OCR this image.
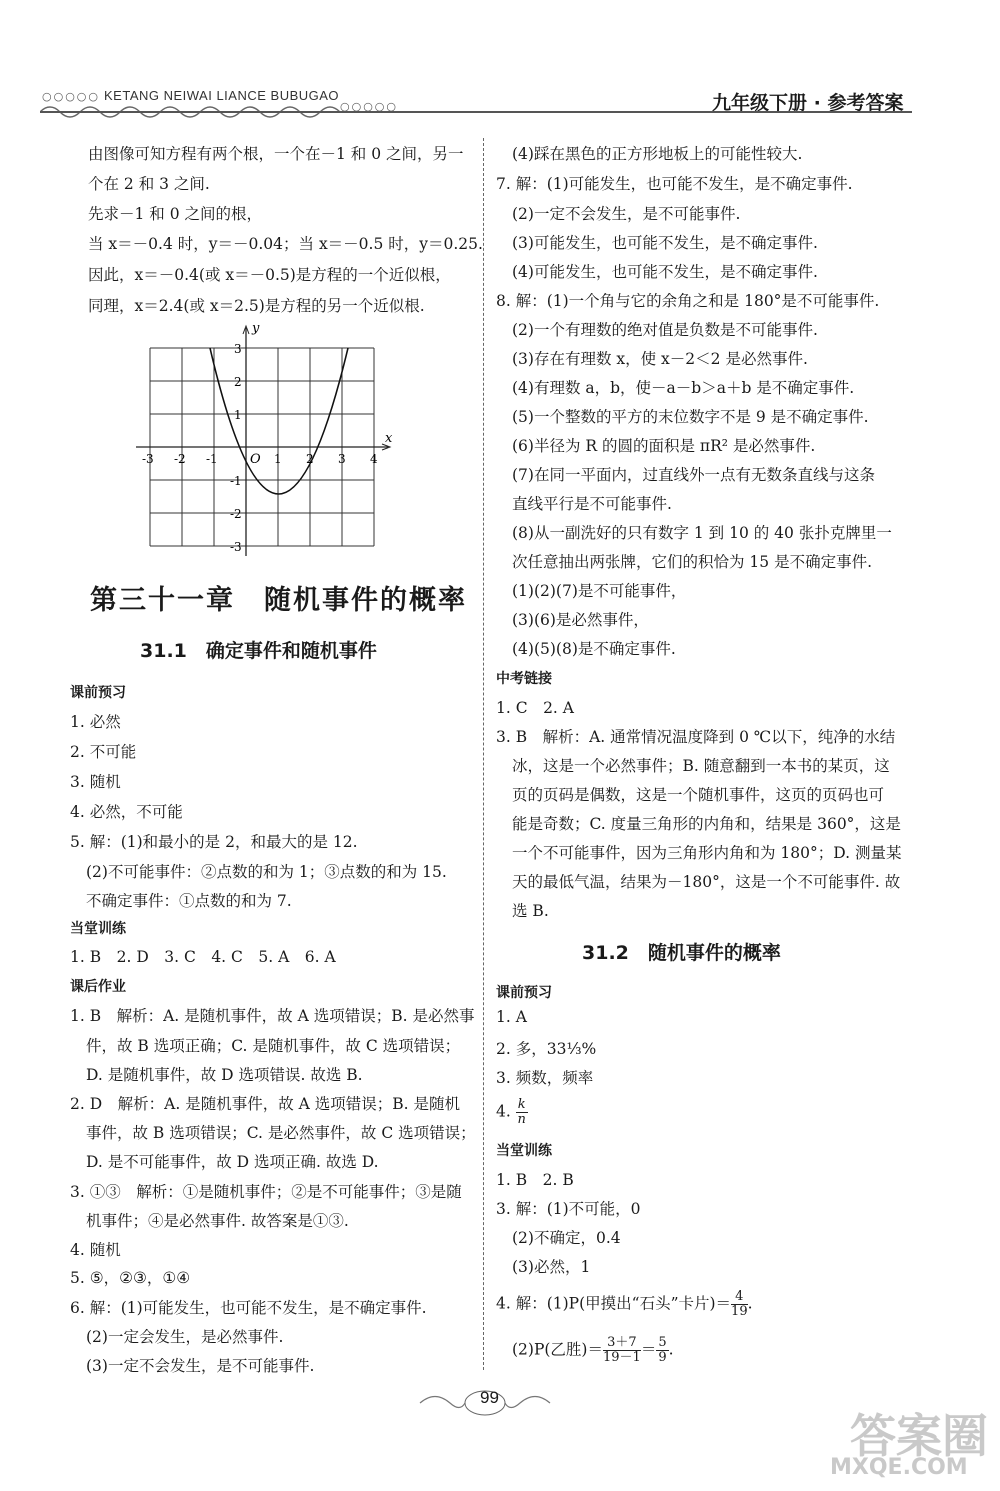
○○○○○ KETANG NEIWAI LIANCE BUBUGAO
○○○○○	九年级下册 · 参考答案
由图像可知方程有两个根，一个在－1 和 0 之间，另一
个在 2 和 3 之间.
先求－1 和 0 之间的根，
当 x＝－0.4 时，y＝－0.04；当 x＝－0.5 时，y＝0.25.
因此，x＝－0.4(或 x＝－0.5)是方程的一个近似根，
同理，x＝2.4(或 x＝2.5)是方程的另一个近似根.
x
y
O
-3 -2 -1	1 2 3 4
3
2
1
-1
-2
-3
第三十一章　随机事件的概率
31.1　确定事件和随机事件
课前预习
1. 必然
2. 不可能
3. 随机
4. 必然，不可能
5. 解：(1)和最小的是 2，和最大的是 12.
(2)不可能事件：②点数的和为 1；③点数的和为 15.
不确定事件：①点数的和为 7.
当堂训练
1. B　2. D　3. C　4. C　5. A　6. A
课后作业
1. B　解析：A. 是随机事件，故 A 选项错误；B. 是必然事
件，故 B 选项正确；C. 是随机事件，故 C 选项错误；
D. 是随机事件，故 D 选项错误. 故选 B.
2. D　解析：A. 是随机事件，故 A 选项错误；B. 是随机
事件，故 B 选项错误；C. 是必然事件，故 C 选项错误；
D. 是不可能事件，故 D 选项正确. 故选 D.
3. ①③　解析：①是随机事件；②是不可能事件；③是随
机事件；④是必然事件. 故答案是①③.
4. 随机
5. ⑤，②③，①④
6. 解：(1)可能发生，也可能不发生，是不确定事件.
(2)一定会发生，是必然事件.
(3)一定不会发生，是不可能事件.
(4)踩在黑色的正方形地板上的可能性较大.
7. 解：(1)可能发生，也可能不发生，是不确定事件.
(2)一定不会发生，是不可能事件.
(3)可能发生，也可能不发生，是不确定事件.
(4)可能发生，也可能不发生，是不确定事件.
8. 解：(1)一个角与它的余角之和是 180°是不可能事件.
(2)一个有理数的绝对值是负数是不可能事件.
(3)存在有理数 x，使 x－2＜2 是必然事件.
(4)有理数 a，b，使－a－b＞a＋b 是不确定事件.
(5)一个整数的平方的末位数字不是 9 是不确定事件.
(6)半径为 R 的圆的面积是 πR² 是必然事件.
(7)在同一平面内，过直线外一点有无数条直线与这条
直线平行是不可能事件.
(8)从一副洗好的只有数字 1 到 10 的 40 张扑克牌里一
次任意抽出两张牌，它们的积恰为 15 是不确定事件.
(1)(2)(7)是不可能事件，
(3)(6)是必然事件，
(4)(5)(8)是不确定事件.
中考链接
1. C　2. A
3. B　解析：A. 通常情况温度降到 0 ℃以下，纯净的水结
冰，这是一个必然事件；B. 随意翻到一本书的某页，这
页的页码是偶数，这是一个随机事件，这页的页码也可
能是奇数；C. 度量三角形的内角和，结果是 360°，这是
一个不可能事件，因为三角形内角和为 180°；D. 测量某
天的最低气温，结果为－180°，这是一个不可能事件. 故
选 B.
31.2　随机事件的概率
课前预习
1. A
2. 多，33⅓%
3. 频数，频率
4. $\frac{k}{n}$
当堂训练
1. B　2. B
3. 解：(1)不可能，0
(2)不确定，0.4
(3)必然，1
4. 解：(1)P(甲摸出“石头”卡片)＝ $\frac{4}{19}$ .
(2)P(乙胜)＝ $\frac{3+7}{19-1} = \frac{5}{9}$ .
99
答案圈
MXQE.COM
